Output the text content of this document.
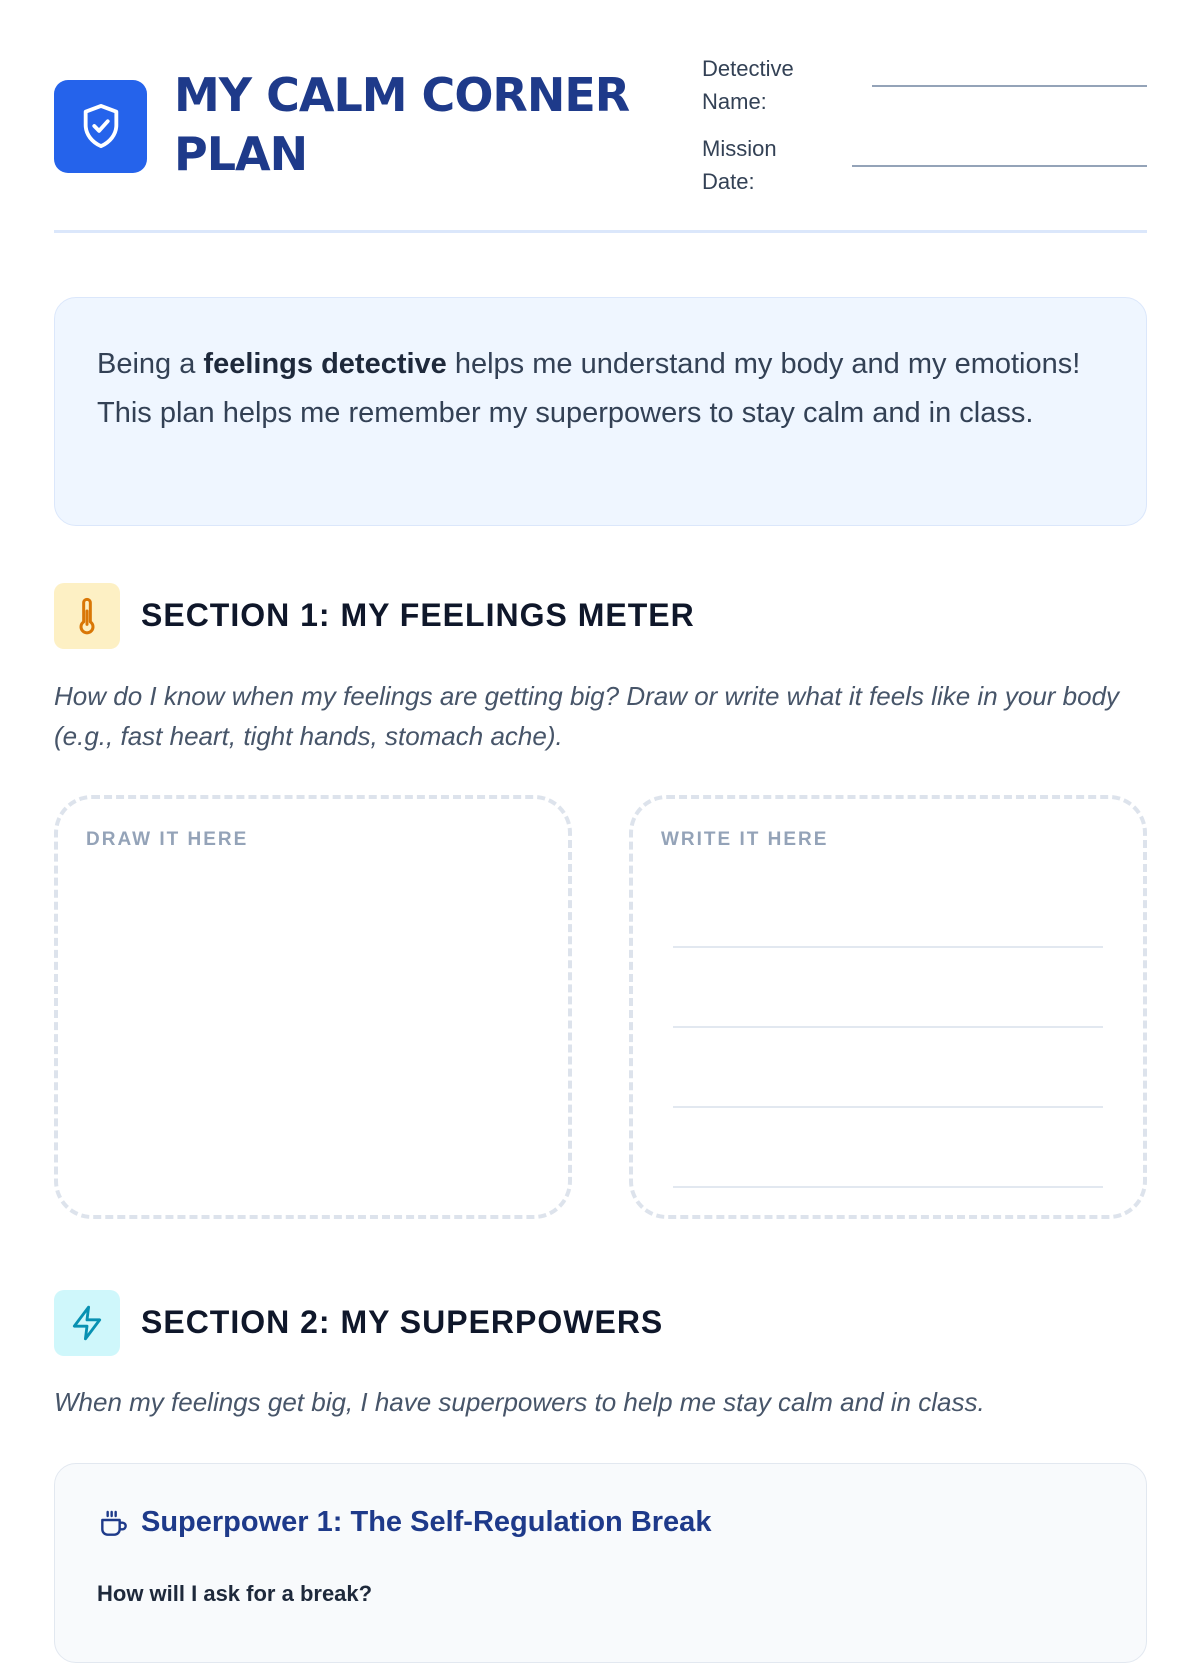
MY CALM CORNER PLAN
Detective Name:
Mission Date:

Being a feelings detective helps me understand my body and my emotions! This plan helps me remember my superpowers to stay calm and in class.

SECTION 1: MY FEELINGS METER

How do I know when my feelings are getting big? Draw or write what it feels like in your body (e.g., fast heart, tight hands, stomach ache).

DRAW IT HERE	WRITE IT HERE
SECTION 2: MY SUPERPOWERS

When my feelings get big, I have superpowers to help me stay calm and in class.

Superpower 1: The Self-Regulation Break

How will I ask for a break?
